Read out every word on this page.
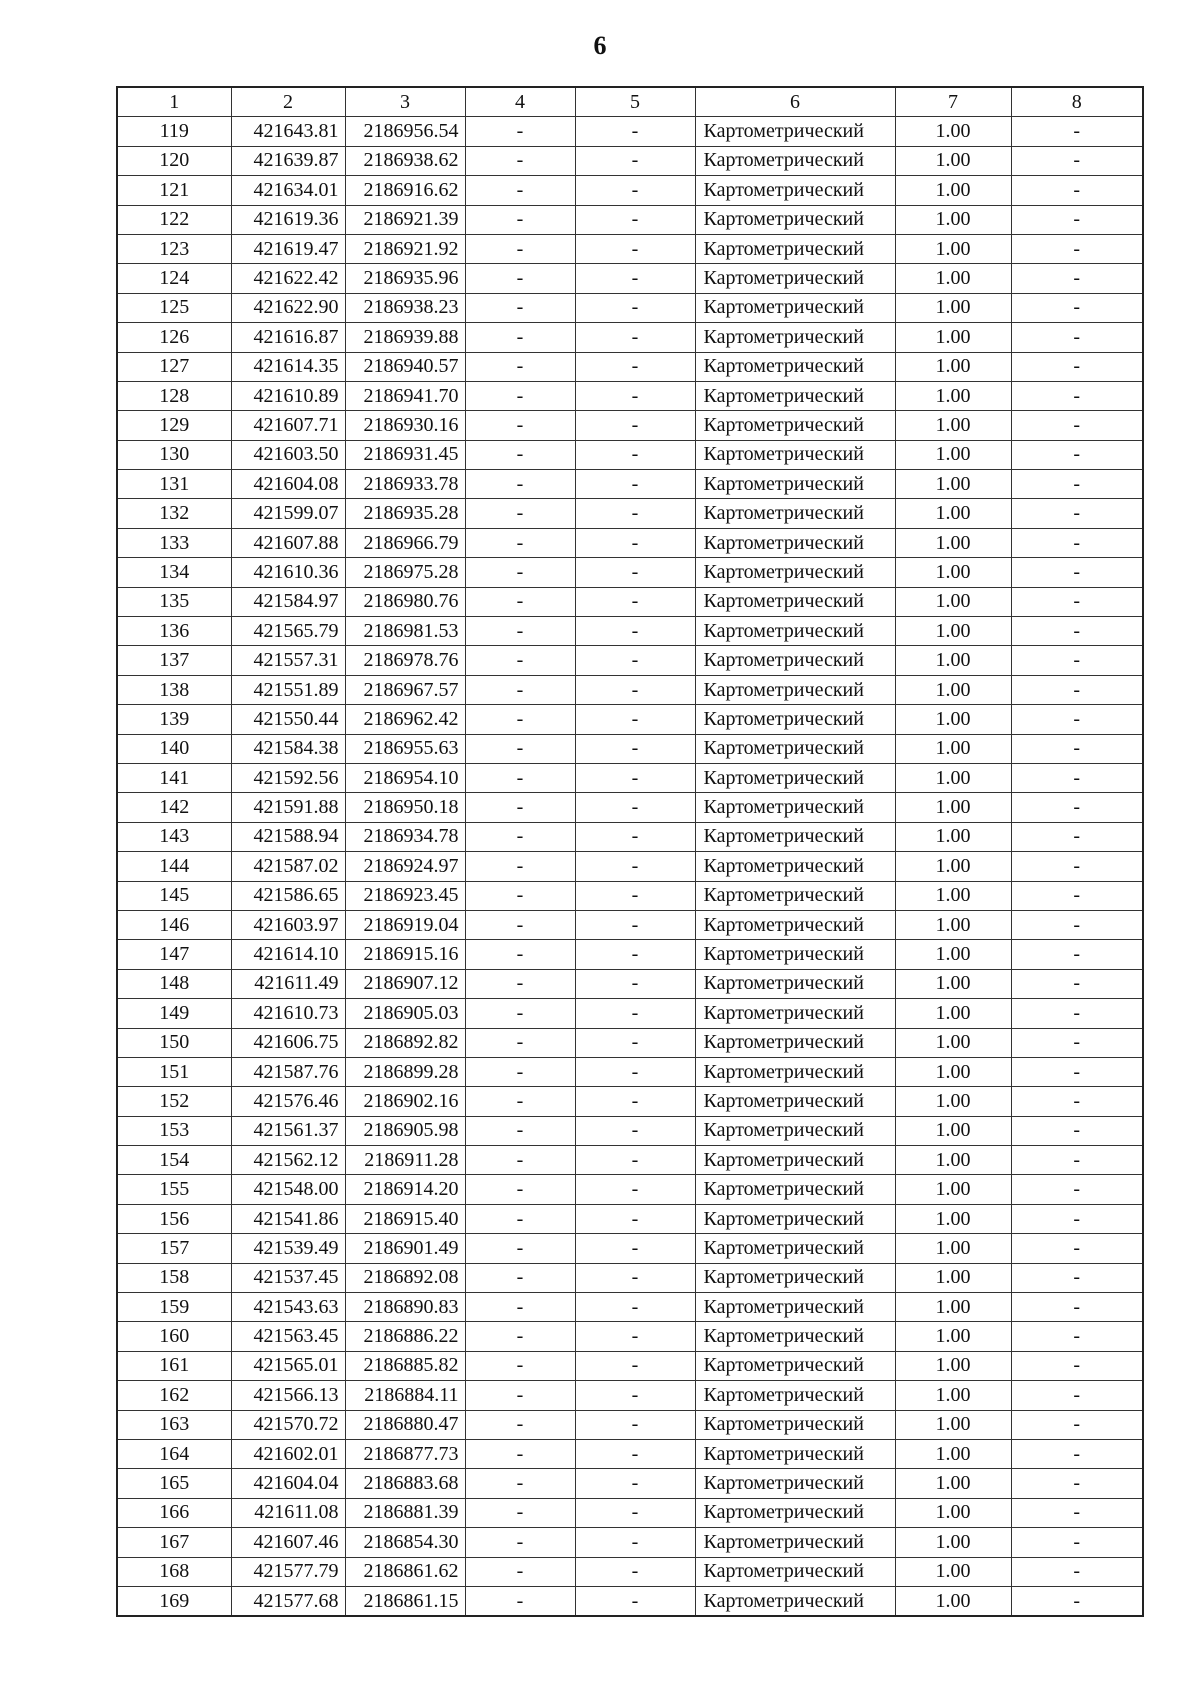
6
1	2	3	4	5	6	7	8
119	421643.81	2186956.54	-	-	Картометрический	1.00	-
120	421639.87	2186938.62	-	-	Картометрический	1.00	-
121	421634.01	2186916.62	-	-	Картометрический	1.00	-
122	421619.36	2186921.39	-	-	Картометрический	1.00	-
123	421619.47	2186921.92	-	-	Картометрический	1.00	-
124	421622.42	2186935.96	-	-	Картометрический	1.00	-
125	421622.90	2186938.23	-	-	Картометрический	1.00	-
126	421616.87	2186939.88	-	-	Картометрический	1.00	-
127	421614.35	2186940.57	-	-	Картометрический	1.00	-
128	421610.89	2186941.70	-	-	Картометрический	1.00	-
129	421607.71	2186930.16	-	-	Картометрический	1.00	-
130	421603.50	2186931.45	-	-	Картометрический	1.00	-
131	421604.08	2186933.78	-	-	Картометрический	1.00	-
132	421599.07	2186935.28	-	-	Картометрический	1.00	-
133	421607.88	2186966.79	-	-	Картометрический	1.00	-
134	421610.36	2186975.28	-	-	Картометрический	1.00	-
135	421584.97	2186980.76	-	-	Картометрический	1.00	-
136	421565.79	2186981.53	-	-	Картометрический	1.00	-
137	421557.31	2186978.76	-	-	Картометрический	1.00	-
138	421551.89	2186967.57	-	-	Картометрический	1.00	-
139	421550.44	2186962.42	-	-	Картометрический	1.00	-
140	421584.38	2186955.63	-	-	Картометрический	1.00	-
141	421592.56	2186954.10	-	-	Картометрический	1.00	-
142	421591.88	2186950.18	-	-	Картометрический	1.00	-
143	421588.94	2186934.78	-	-	Картометрический	1.00	-
144	421587.02	2186924.97	-	-	Картометрический	1.00	-
145	421586.65	2186923.45	-	-	Картометрический	1.00	-
146	421603.97	2186919.04	-	-	Картометрический	1.00	-
147	421614.10	2186915.16	-	-	Картометрический	1.00	-
148	421611.49	2186907.12	-	-	Картометрический	1.00	-
149	421610.73	2186905.03	-	-	Картометрический	1.00	-
150	421606.75	2186892.82	-	-	Картометрический	1.00	-
151	421587.76	2186899.28	-	-	Картометрический	1.00	-
152	421576.46	2186902.16	-	-	Картометрический	1.00	-
153	421561.37	2186905.98	-	-	Картометрический	1.00	-
154	421562.12	2186911.28	-	-	Картометрический	1.00	-
155	421548.00	2186914.20	-	-	Картометрический	1.00	-
156	421541.86	2186915.40	-	-	Картометрический	1.00	-
157	421539.49	2186901.49	-	-	Картометрический	1.00	-
158	421537.45	2186892.08	-	-	Картометрический	1.00	-
159	421543.63	2186890.83	-	-	Картометрический	1.00	-
160	421563.45	2186886.22	-	-	Картометрический	1.00	-
161	421565.01	2186885.82	-	-	Картометрический	1.00	-
162	421566.13	2186884.11	-	-	Картометрический	1.00	-
163	421570.72	2186880.47	-	-	Картометрический	1.00	-
164	421602.01	2186877.73	-	-	Картометрический	1.00	-
165	421604.04	2186883.68	-	-	Картометрический	1.00	-
166	421611.08	2186881.39	-	-	Картометрический	1.00	-
167	421607.46	2186854.30	-	-	Картометрический	1.00	-
168	421577.79	2186861.62	-	-	Картометрический	1.00	-
169	421577.68	2186861.15	-	-	Картометрический	1.00	-
